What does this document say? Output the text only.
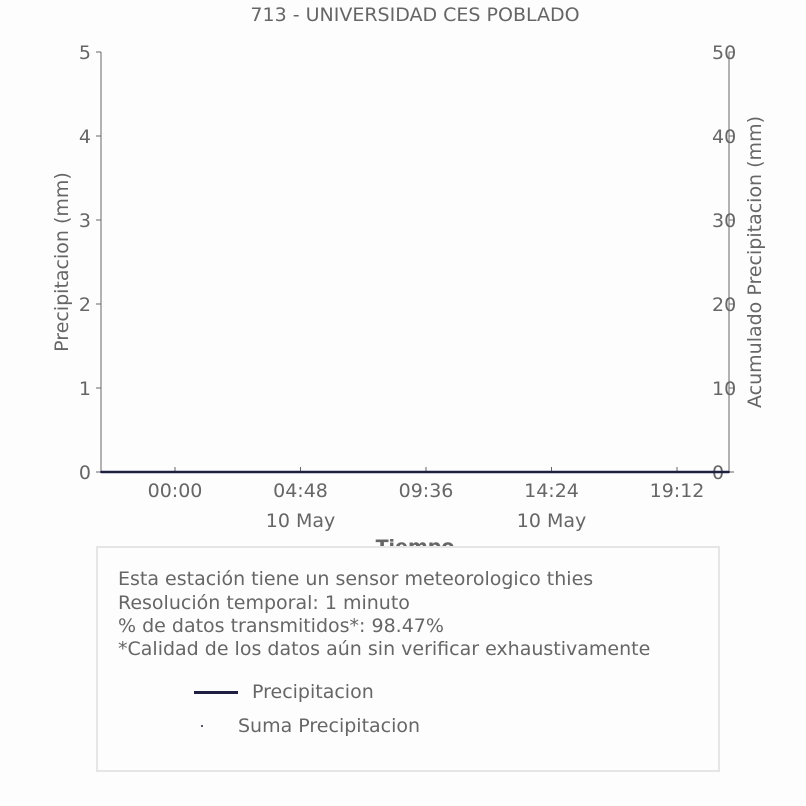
713 - UNIVERSIDAD CES POBLADO
0
1
2
3
4
5
0
10
20
30
40
50
00:00	04:48
10 May
09:36	14:24
10 May
19:12
Precipitacion (mm)	Acumulado Precipitacion (mm)
Esta estación tiene un sensor meteorologico thies
Resolución temporal: 1 minuto
% de datos transmitidos*: 98.47%
*Calidad de los datos aún sin verificar exhaustivamente
Precipitacion
Suma Precipitacion
